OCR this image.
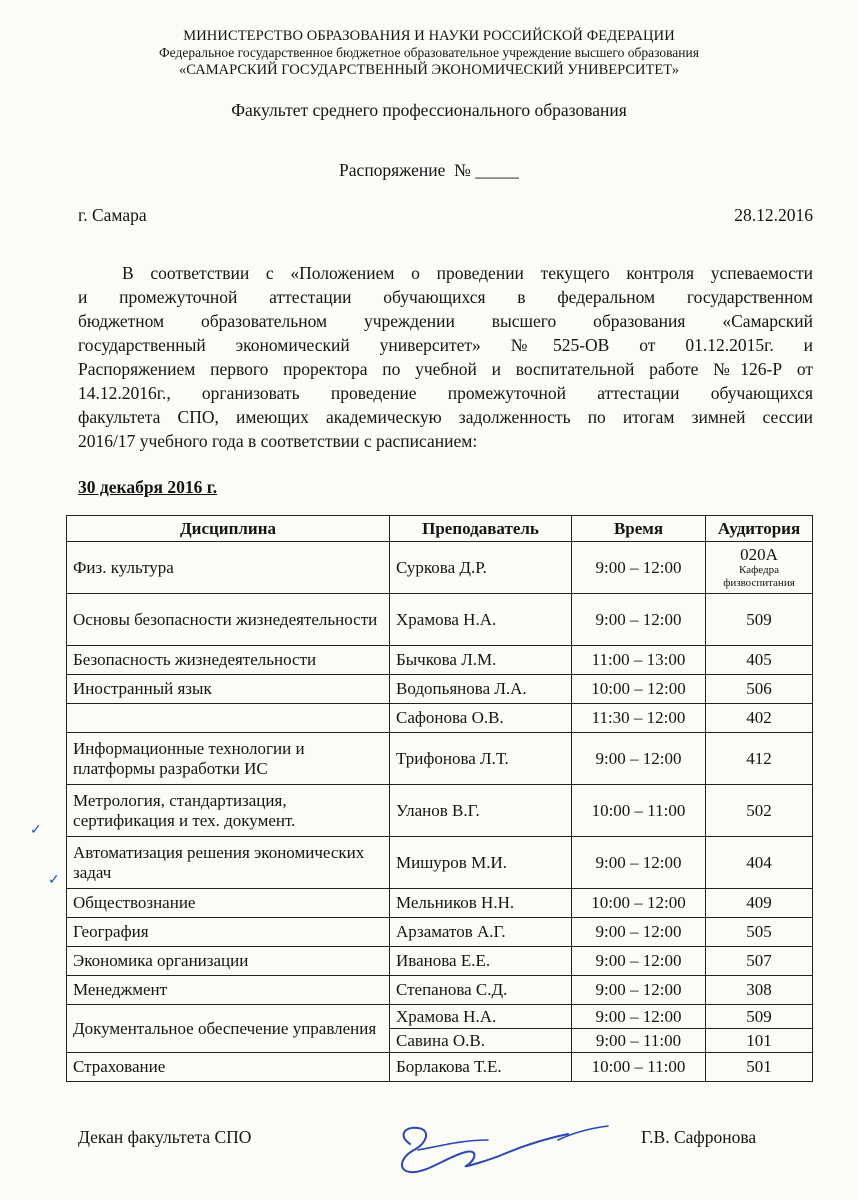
МИНИСТЕРСТВО ОБРАЗОВАНИЯ И НАУКИ РОССИЙСКОЙ ФЕДЕРАЦИИ
Федеральное государственное бюджетное образовательное учреждение высшего образования
«САМАРСКИЙ ГОСУДАРСТВЕННЫЙ ЭКОНОМИЧЕСКИЙ УНИВЕРСИТЕТ»
Факультет среднего профессионального образования
Распоряжение  № _____
г. Самара	28.12.2016
В соответствии с «Положением о проведении текущего контроля успеваемости
и промежуточной аттестации обучающихся в федеральном государственном
бюджетном образовательном учреждении высшего образования «Самарский
государственный экономический университет» №525-ОВ от 01.12.2015г. и
Распоряжением первого проректора по учебной и воспитательной работе №126-Р от
14.12.2016г., организовать проведение промежуточной аттестации обучающихся
факультета СПО, имеющих академическую задолженность по итогам зимней сессии
2016/17 учебного года в соответствии с расписанием:
30 декабря 2016 г.
Дисциплина	Преподаватель	Время	Аудитория
Физ. культура	Суркова Д.Р.	9:00 – 12:00	020А
Кафедра физвоспитания

Основы безопасности жизнедеятельности	Храмова Н.А.	9:00 – 12:00	509
Безопасность жизнедеятельности	Бычкова Л.М.	11:00 – 13:00	405
Иностранный язык	Водопьянова Л.А.	10:00 – 12:00	506
	Сафонова О.В.	11:30 – 12:00	402
Информационные технологии и платформы разработки ИС	Трифонова Л.Т.	9:00 – 12:00	412
Метрология, стандартизация, сертификация и тех. документ.	Уланов В.Г.	10:00 – 11:00	502
Автоматизация решения экономических задач	Мишуров М.И.	9:00 – 12:00	404
Обществознание	Мельников Н.Н.	10:00 – 12:00	409
География	Арзаматов А.Г.	9:00 – 12:00	505
Экономика организации	Иванова Е.Е.	9:00 – 12:00	507
Менеджмент	Степанова С.Д.	9:00 – 12:00	308
Документальное обеспечение управления	Храмова Н.А.	9:00 – 12:00	509
	Савина О.В.	9:00 – 11:00	101
Страхование	Борлакова Т.Е.	10:00 – 11:00	501
✓
✓
Декан факультета СПО	Г.В. Сафронова
